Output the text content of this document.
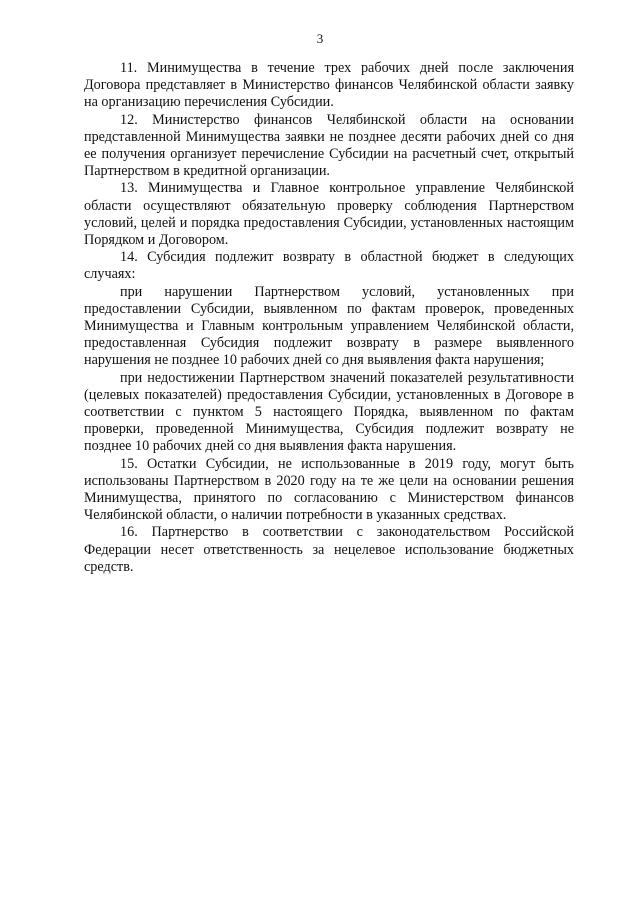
3

11. Минимущества в течение трех рабочих дней после заключения Договора представляет в Министерство финансов Челябинской области заявку на организацию перечисления Субсидии.

12. Министерство финансов Челябинской области на основании представленной Минимущества заявки не позднее десяти рабочих дней со дня ее получения организует перечисление Субсидии на расчетный счет, открытый Партнерством в кредитной организации.

13. Минимущества и Главное контрольное управление Челябинской области осуществляют обязательную проверку соблюдения Партнерством условий, целей и порядка предоставления Субсидии, установленных настоящим Порядком и Договором.

14. Субсидия подлежит возврату в областной бюджет в следующих случаях:

при нарушении Партнерством условий, установленных при предоставлении Субсидии, выявленном по фактам проверок, проведенных Минимущества и Главным контрольным управлением Челябинской области, предоставленная Субсидия подлежит возврату в размере выявленного нарушения не позднее 10 рабочих дней со дня выявления факта нарушения;

при недостижении Партнерством значений показателей результативности (целевых показателей) предоставления Субсидии, установленных в Договоре в соответствии с пунктом 5 настоящего Порядка, выявленном по фактам проверки, проведенной Минимущества, Субсидия подлежит возврату не позднее 10 рабочих дней со дня выявления факта нарушения.

15. Остатки Субсидии, не использованные в 2019 году, могут быть использованы Партнерством в 2020 году на те же цели на основании решения Минимущества, принятого по согласованию с Министерством финансов Челябинской области, о наличии потребности в указанных средствах.

16. Партнерство в соответствии с законодательством Российской Федерации несет ответственность за нецелевое использование бюджетных средств.
